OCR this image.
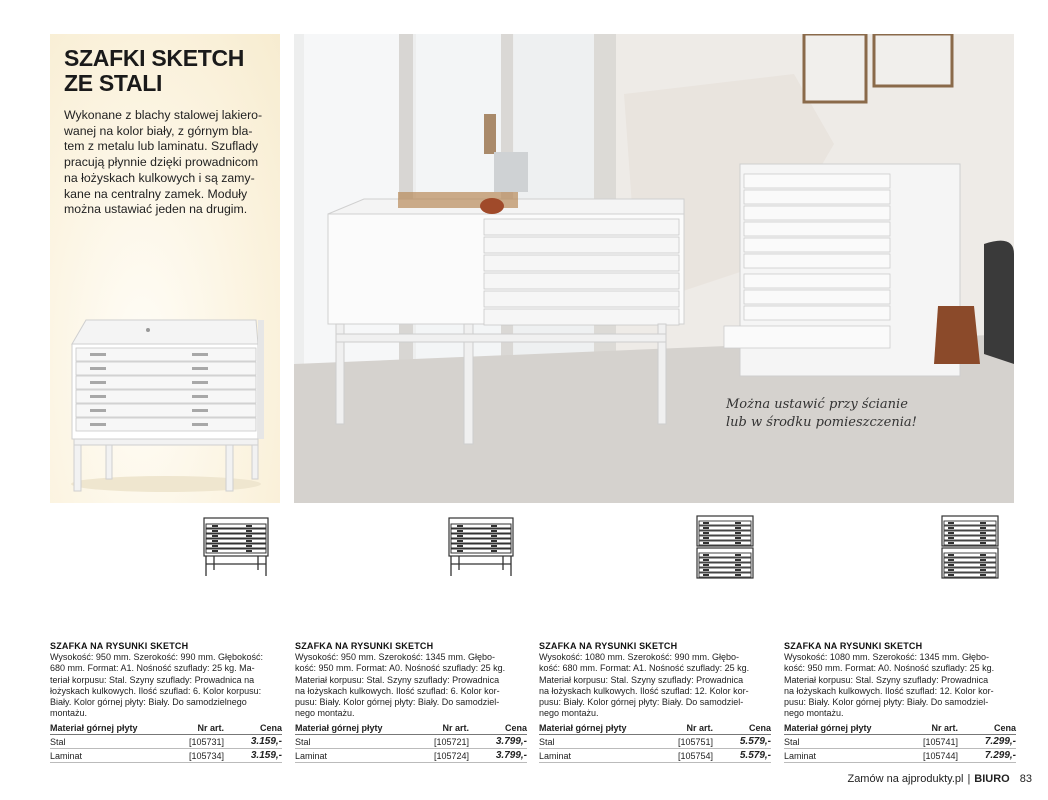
SZAFKI SKETCH
ZE STALI

Wykonane z blachy stalowej lakiero-
wanej na kolor biały, z górnym bla-
tem z metalu lub laminatu. Szuflady
pracują płynnie dzięki prowadnicom
na łożyskach kulkowych i są zamy-
kane na centralny zamek. Moduły
można ustawiać jeden na drugim.

Można ustawić przy ścianie
lub w środku pomieszczenia!
SZAFKA NA RYSUNKI SKETCH
Wysokość: 950 mm. Szerokość: 990 mm. Głębokość:
680 mm. Format: A1. Nośność szuflady: 25 kg. Ma-
teriał korpusu: Stal. Szyny szuflady: Prowadnica na
łożyskach kulkowych. Ilość szuflad: 6. Kolor korpusu:
Biały. Kolor górnej płyty: Biały. Do samodzielnego
montażu.
Materiał górnej płyty	Nr art.	Cena
Stal	[105731]	3.159,-
Laminat	[105734]	3.159,-
SZAFKA NA RYSUNKI SKETCH
Wysokość: 950 mm. Szerokość: 1345 mm. Głębo-
kość: 950 mm. Format: A0. Nośność szuflady: 25 kg.
Materiał korpusu: Stal. Szyny szuflady: Prowadnica
na łożyskach kulkowych. Ilość szuflad: 6. Kolor kor-
pusu: Biały. Kolor górnej płyty: Biały. Do samodziel-
nego montażu.
Materiał górnej płyty	Nr art.	Cena
Stal	[105721]	3.799,-
Laminat	[105724]	3.799,-
SZAFKA NA RYSUNKI SKETCH
Wysokość: 1080 mm. Szerokość: 990 mm. Głębo-
kość: 680 mm. Format: A1. Nośność szuflady: 25 kg.
Materiał korpusu: Stal. Szyny szuflady: Prowadnica
na łożyskach kulkowych. Ilość szuflad: 12. Kolor kor-
pusu: Biały. Kolor górnej płyty: Biały. Do samodziel-
nego montażu.
Materiał górnej płyty	Nr art.	Cena
Stal	[105751]	5.579,-
Laminat	[105754]	5.579,-
SZAFKA NA RYSUNKI SKETCH
Wysokość: 1080 mm. Szerokość: 1345 mm. Głębo-
kość: 950 mm. Format: A0. Nośność szuflady: 25 kg.
Materiał korpusu: Stal. Szyny szuflady: Prowadnica
na łożyskach kulkowych. Ilość szuflad: 12. Kolor kor-
pusu: Biały. Kolor górnej płyty: Biały. Do samodziel-
nego montażu.
Materiał górnej płyty	Nr art.	Cena
Stal	[105741]	7.299,-
Laminat	[105744]	7.299,-
Zamów na ajprodukty.pl | BIURO 83
